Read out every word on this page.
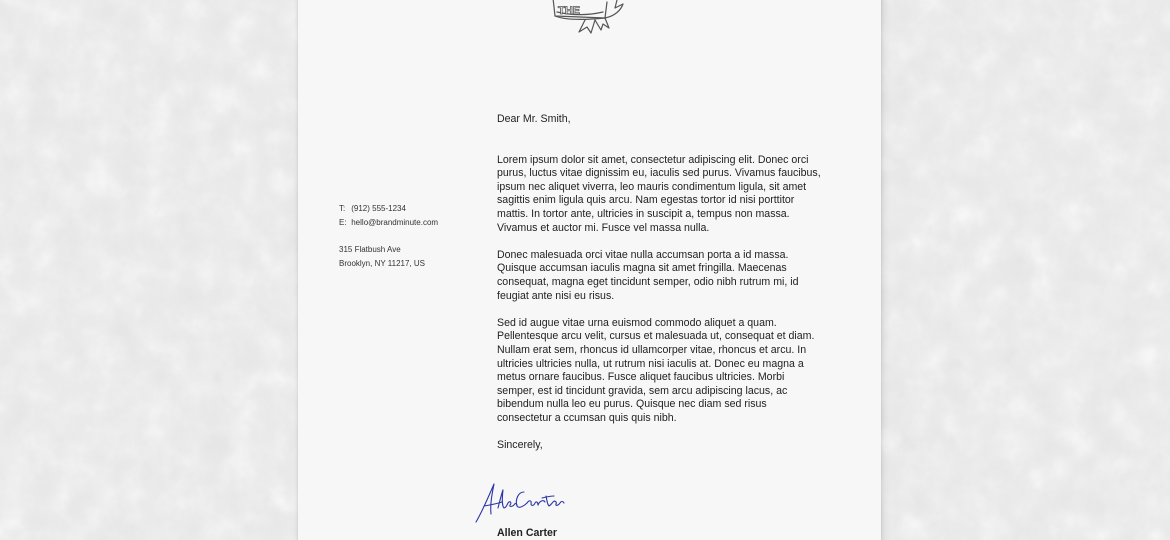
THE
T: (912) 555-1234
E: hello@brandminute.com
315 Flatbush Ave
Brooklyn, NY 11217, US

Dear Mr. Smith,

Lorem ipsum dolor sit amet, consectetur adipiscing elit. Donec orci purus, luctus vitae dignissim eu, iaculis sed purus. Vivamus faucibus, ipsum nec aliquet viverra, leo mauris condimentum ligula, sit amet sagittis enim ligula quis arcu. Nam egestas tortor id nisi porttitor mattis. In tortor ante, ultricies in suscipit a, tempus non massa. Vivamus et auctor mi. Fusce vel massa nulla.

Donec malesuada orci vitae nulla accumsan porta a id massa. Quisque accumsan iaculis magna sit amet fringilla. Maecenas consequat, magna eget tincidunt semper, odio nibh rutrum mi, id feugiat ante nisi eu risus.

Sed id augue vitae urna euismod commodo aliquet a quam. Pellentesque arcu velit, cursus et malesuada ut, consequat et diam. Nullam erat sem, rhoncus id ullamcorper vitae, rhoncus et arcu. In ultricies ultricies nulla, ut rutrum nisi iaculis at. Donec eu magna a metus ornare faucibus. Fusce aliquet faucibus ultricies. Morbi semper, est id tincidunt gravida, sem arcu adipiscing lacus, ac bibendum nulla leo eu purus. Quisque nec diam sed risus consectetur a ccumsan quis quis nibh.

Sincerely,

Allen Carter
